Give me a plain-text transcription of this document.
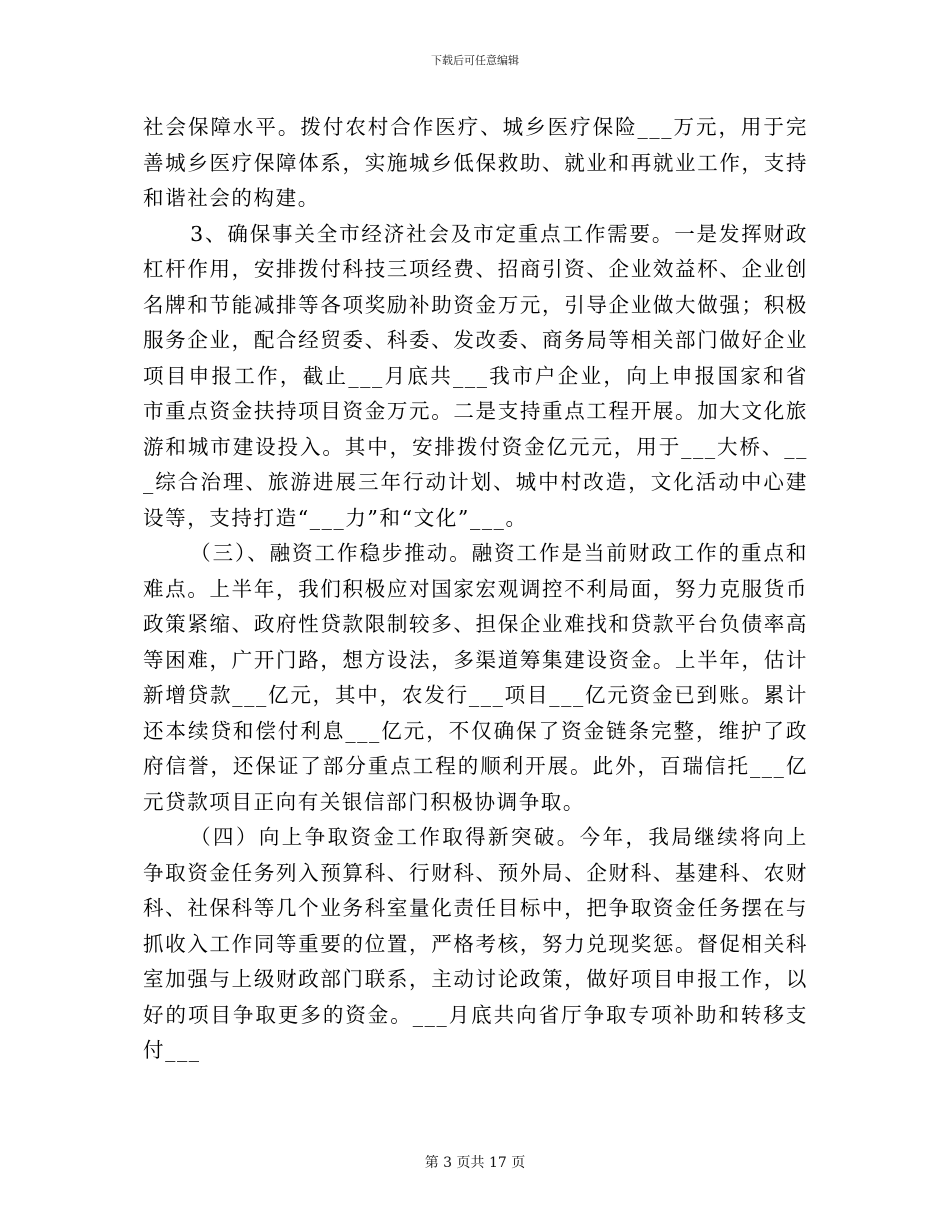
下载后可任意编辑

社会保障水平。拨付农村合作医疗、城乡医疗保险___万元，用于完善城乡医疗保障体系，实施城乡低保救助、就业和再就业工作，支持和谐社会的构建。

3、确保事关全市经济社会及市定重点工作需要。一是发挥财政杠杆作用，安排拨付科技三项经费、招商引资、企业效益杯、企业创名牌和节能减排等各项奖励补助资金万元，引导企业做大做强；积极服务企业，配合经贸委、科委、发改委、商务局等相关部门做好企业项目申报工作，截止___月底共___我市户企业，向上申报国家和省市重点资金扶持项目资金万元。二是支持重点工程开展。加大文化旅游和城市建设投入。其中，安排拨付资金亿元元，用于___大桥、___综合治理、旅游进展三年行动计划、城中村改造，文化活动中心建设等，支持打造“___力”和“文化”___。

（三）、融资工作稳步推动。融资工作是当前财政工作的重点和难点。上半年，我们积极应对国家宏观调控不利局面，努力克服货币政策紧缩、政府性贷款限制较多、担保企业难找和贷款平台负债率高等困难，广开门路，想方设法，多渠道筹集建设资金。上半年，估计新增贷款___亿元，其中，农发行___项目___亿元资金已到账。累计还本续贷和偿付利息___亿元，不仅确保了资金链条完整，维护了政府信誉，还保证了部分重点工程的顺利开展。此外，百瑞信托___亿元贷款项目正向有关银信部门积极协调争取。

（四）向上争取资金工作取得新突破。今年，我局继续将向上争取资金任务列入预算科、行财科、预外局、企财科、基建科、农财科、社保科等几个业务科室量化责任目标中，把争取资金任务摆在与抓收入工作同等重要的位置，严格考核，努力兑现奖惩。督促相关科室加强与上级财政部门联系，主动讨论政策，做好项目申报工作，以好的项目争取更多的资金。___月底共向省厅争取专项补助和转移支付___

第 3 页共 17 页
